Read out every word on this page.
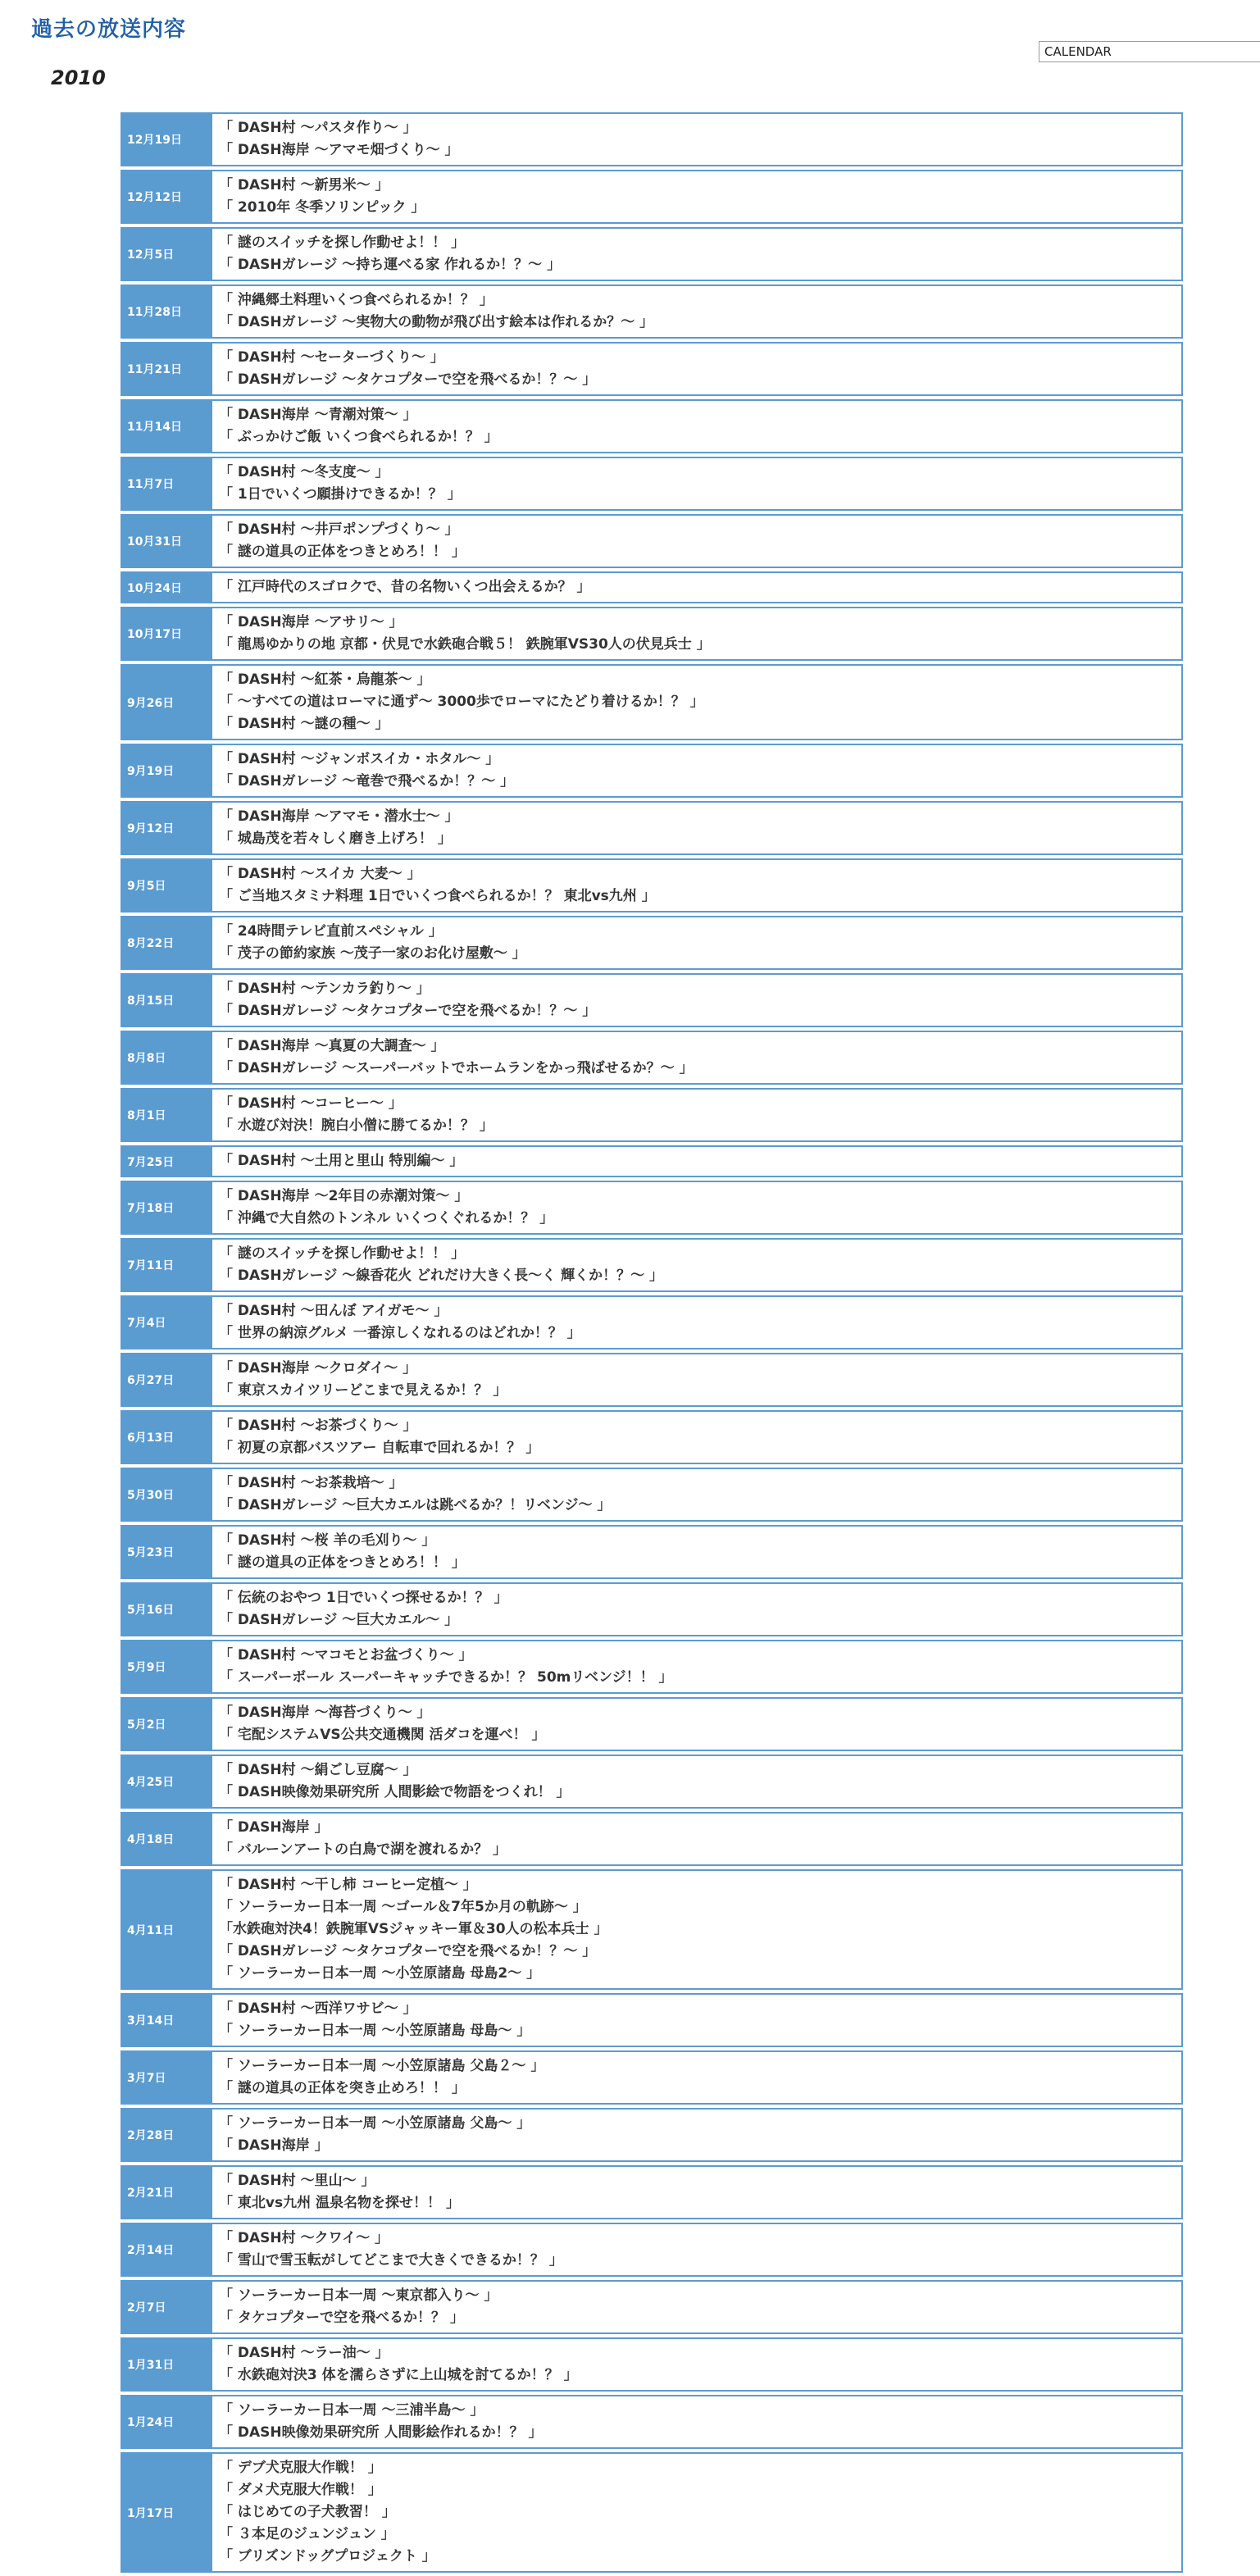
過去の放送内容
2010
CALENDAR
12月19日
「 DASH村 ～パスタ作り～ 」
「 DASH海岸 ～アマモ畑づくり～ 」
12月12日
「 DASH村 ～新男米～ 」
「 2010年 冬季ソリンピック 」
12月5日
「 謎のスイッチを探し作動せよ！！ 」
「 DASHガレージ ～持ち運べる家 作れるか！？～ 」
11月28日
「 沖縄郷土料理いくつ食べられるか！？ 」
「 DASHガレージ ～実物大の動物が飛び出す絵本は作れるか？～ 」
11月21日
「 DASH村 ～セーターづくり～ 」
「 DASHガレージ ～タケコプターで空を飛べるか！？～ 」
11月14日
「 DASH海岸 ～青潮対策～ 」
「 ぶっかけご飯 いくつ食べられるか！？ 」
11月7日
「 DASH村 ～冬支度～ 」
「 1日でいくつ願掛けできるか！？ 」
10月31日
「 DASH村 ～井戸ポンプづくり～ 」
「 謎の道具の正体をつきとめろ！！ 」
10月24日	「 江戸時代のスゴロクで、昔の名物いくつ出会えるか？ 」
10月17日
「 DASH海岸 ～アサリ～ 」
「 龍馬ゆかりの地 京都・伏見で水鉄砲合戦５！ 鉄腕軍VS30人の伏見兵士 」
9月26日
「 DASH村 ～紅茶・烏龍茶～ 」
「 ～すべての道はローマに通ず～ 3000歩でローマにたどり着けるか！？ 」
「 DASH村 ～謎の種～ 」
9月19日
「 DASH村 ～ジャンボスイカ・ホタル～ 」
「 DASHガレージ ～竜巻で飛べるか！？～ 」
9月12日
「 DASH海岸 ～アマモ・潜水士～ 」
「 城島茂を若々しく磨き上げろ！ 」
9月5日
「 DASH村 ～スイカ 大麦～ 」
「 ご当地スタミナ料理 1日でいくつ食べられるか！？ 東北vs九州 」
8月22日
「 24時間テレビ直前スペシャル 」
「 茂子の節約家族 ～茂子一家のお化け屋敷～ 」
8月15日
「 DASH村 ～テンカラ釣り～ 」
「 DASHガレージ ～タケコプターで空を飛べるか！？～ 」
8月8日
「 DASH海岸 ～真夏の大調査～ 」
「 DASHガレージ ～スーパーバットでホームランをかっ飛ばせるか？～ 」
8月1日
「 DASH村 ～コーヒー～ 」
「 水遊び対決！腕白小僧に勝てるか！？ 」
7月25日	「 DASH村 ～土用と里山 特別編～ 」
7月18日
「 DASH海岸 ～2年目の赤潮対策～ 」
「 沖縄で大自然のトンネル いくつくぐれるか！？ 」
7月11日
「 謎のスイッチを探し作動せよ！！ 」
「 DASHガレージ ～線香花火 どれだけ大きく長～く 輝くか！？～ 」
7月4日
「 DASH村 ～田んぼ アイガモ～ 」
「 世界の納涼グルメ 一番涼しくなれるのはどれか！？ 」
6月27日
「 DASH海岸 ～クロダイ～ 」
「 東京スカイツリーどこまで見えるか！？ 」
6月13日
「 DASH村 ～お茶づくり～ 」
「 初夏の京都バスツアー 自転車で回れるか！？ 」
5月30日
「 DASH村 ～お茶栽培～ 」
「 DASHガレージ ～巨大カエルは跳べるか？！リベンジ～ 」
5月23日
「 DASH村 ～桜 羊の毛刈り～ 」
「 謎の道具の正体をつきとめろ！！ 」
5月16日
「 伝統のおやつ 1日でいくつ探せるか！？ 」
「 DASHガレージ ～巨大カエル～ 」
5月9日
「 DASH村 ～マコモとお盆づくり～ 」
「 スーパーボール スーパーキャッチできるか！？ 50mリベンジ！！ 」
5月2日
「 DASH海岸 ～海苔づくり～ 」
「 宅配システムVS公共交通機関 活ダコを運べ！ 」
4月25日
「 DASH村 ～絹ごし豆腐～ 」
「 DASH映像効果研究所 人間影絵で物語をつくれ！ 」
4月18日
「 DASH海岸 」
「 バルーンアートの白鳥で湖を渡れるか？ 」
4月11日
「 DASH村 ～干し柿 コーヒー定植～ 」
「 ソーラーカー日本一周 ～ゴール＆7年5か月の軌跡～ 」
「水鉄砲対決4！鉄腕軍VSジャッキー軍＆30人の松本兵士 」
「 DASHガレージ ～タケコプターで空を飛べるか！？～ 」
「 ソーラーカー日本一周 ～小笠原諸島 母島2～ 」
3月14日
「 DASH村 ～西洋ワサビ～ 」
「 ソーラーカー日本一周 ～小笠原諸島 母島～ 」
3月7日
「 ソーラーカー日本一周 ～小笠原諸島 父島２～ 」
「 謎の道具の正体を突き止めろ！！ 」
2月28日
「 ソーラーカー日本一周 ～小笠原諸島 父島～ 」
「 DASH海岸 」
2月21日
「 DASH村 ～里山～ 」
「 東北vs九州 温泉名物を探せ！！ 」
2月14日
「 DASH村 ～クワイ～ 」
「 雪山で雪玉転がしてどこまで大きくできるか！？ 」
2月7日
「 ソーラーカー日本一周 ～東京都入り～ 」
「 タケコプターで空を飛べるか！？ 」
1月31日
「 DASH村 ～ラー油～ 」
「 水鉄砲対決3 体を濡らさずに上山城を討てるか！？ 」
1月24日
「 ソーラーカー日本一周 ～三浦半島～ 」
「 DASH映像効果研究所 人間影絵作れるか！？ 」
1月17日
「 デブ犬克服大作戦！ 」
「 ダメ犬克服大作戦！ 」
「 はじめての子犬教習！ 」
「 ３本足のジュンジュン 」
「 ブリズンドッグプロジェクト 」
